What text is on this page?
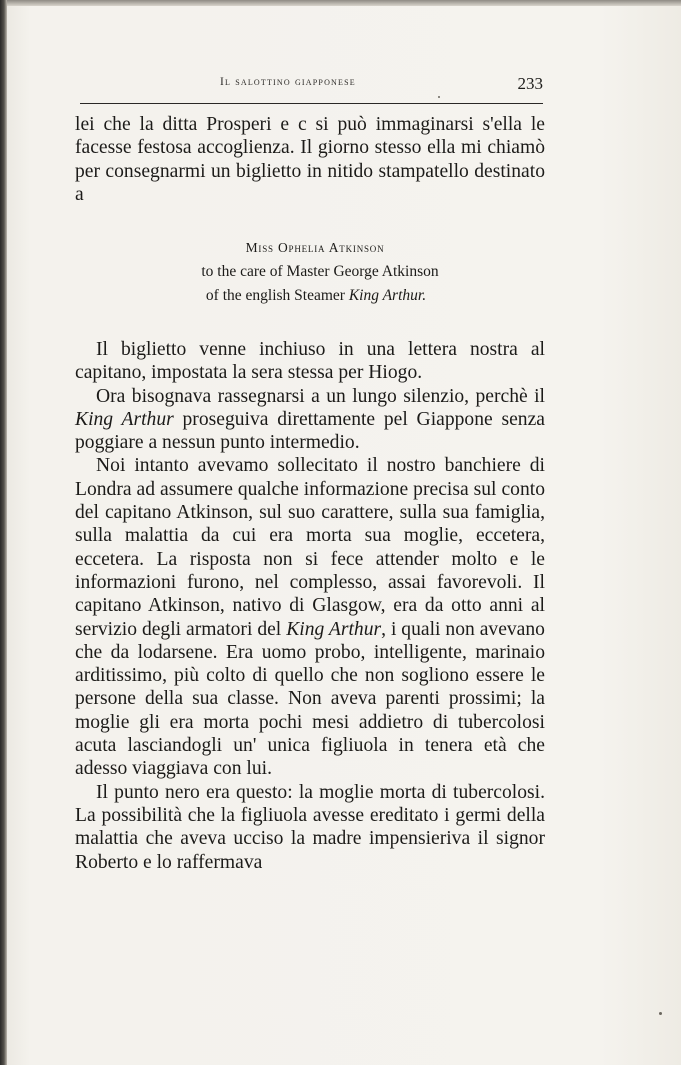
Il salottino giapponese	233

lei che la ditta Prosperi e c si può immaginarsi s'ella le facesse festosa accoglienza. Il giorno stesso ella mi chiamò per consegnarmi un biglietto in nitido stampatello destinato a

Miss Ophelia Atkinson
to the care of Master George Atkinson
of the english Steamer King Arthur.

Il biglietto venne inchiuso in una lettera nostra al capitano, impostata la sera stessa per Hiogo.

Ora bisognava rassegnarsi a un lungo silenzio, perchè il King Arthur proseguiva direttamente pel Giappone senza poggiare a nessun punto intermedio.

Noi intanto avevamo sollecitato il nostro banchiere di Londra ad assumere qualche informazione precisa sul conto del capitano Atkinson, sul suo carattere, sulla sua famiglia, sulla malattia da cui era morta sua moglie, eccetera, eccetera. La risposta non si fece attender molto e le informazioni furono, nel complesso, assai favorevoli. Il capitano Atkinson, nativo di Glasgow, era da otto anni al servizio degli armatori del King Arthur, i quali non avevano che da lodarsene. Era uomo probo, intelligente, marinaio arditissimo, più colto di quello che non sogliono essere le persone della sua classe. Non aveva parenti prossimi; la moglie gli era morta pochi mesi addietro di tubercolosi acuta lasciandogli un' unica figliuola in tenera età che adesso viaggiava con lui.

Il punto nero era questo: la moglie morta di tubercolosi. La possibilità che la figliuola avesse ereditato i germi della malattia che aveva ucciso la madre impensieriva il signor Roberto e lo raffermava
